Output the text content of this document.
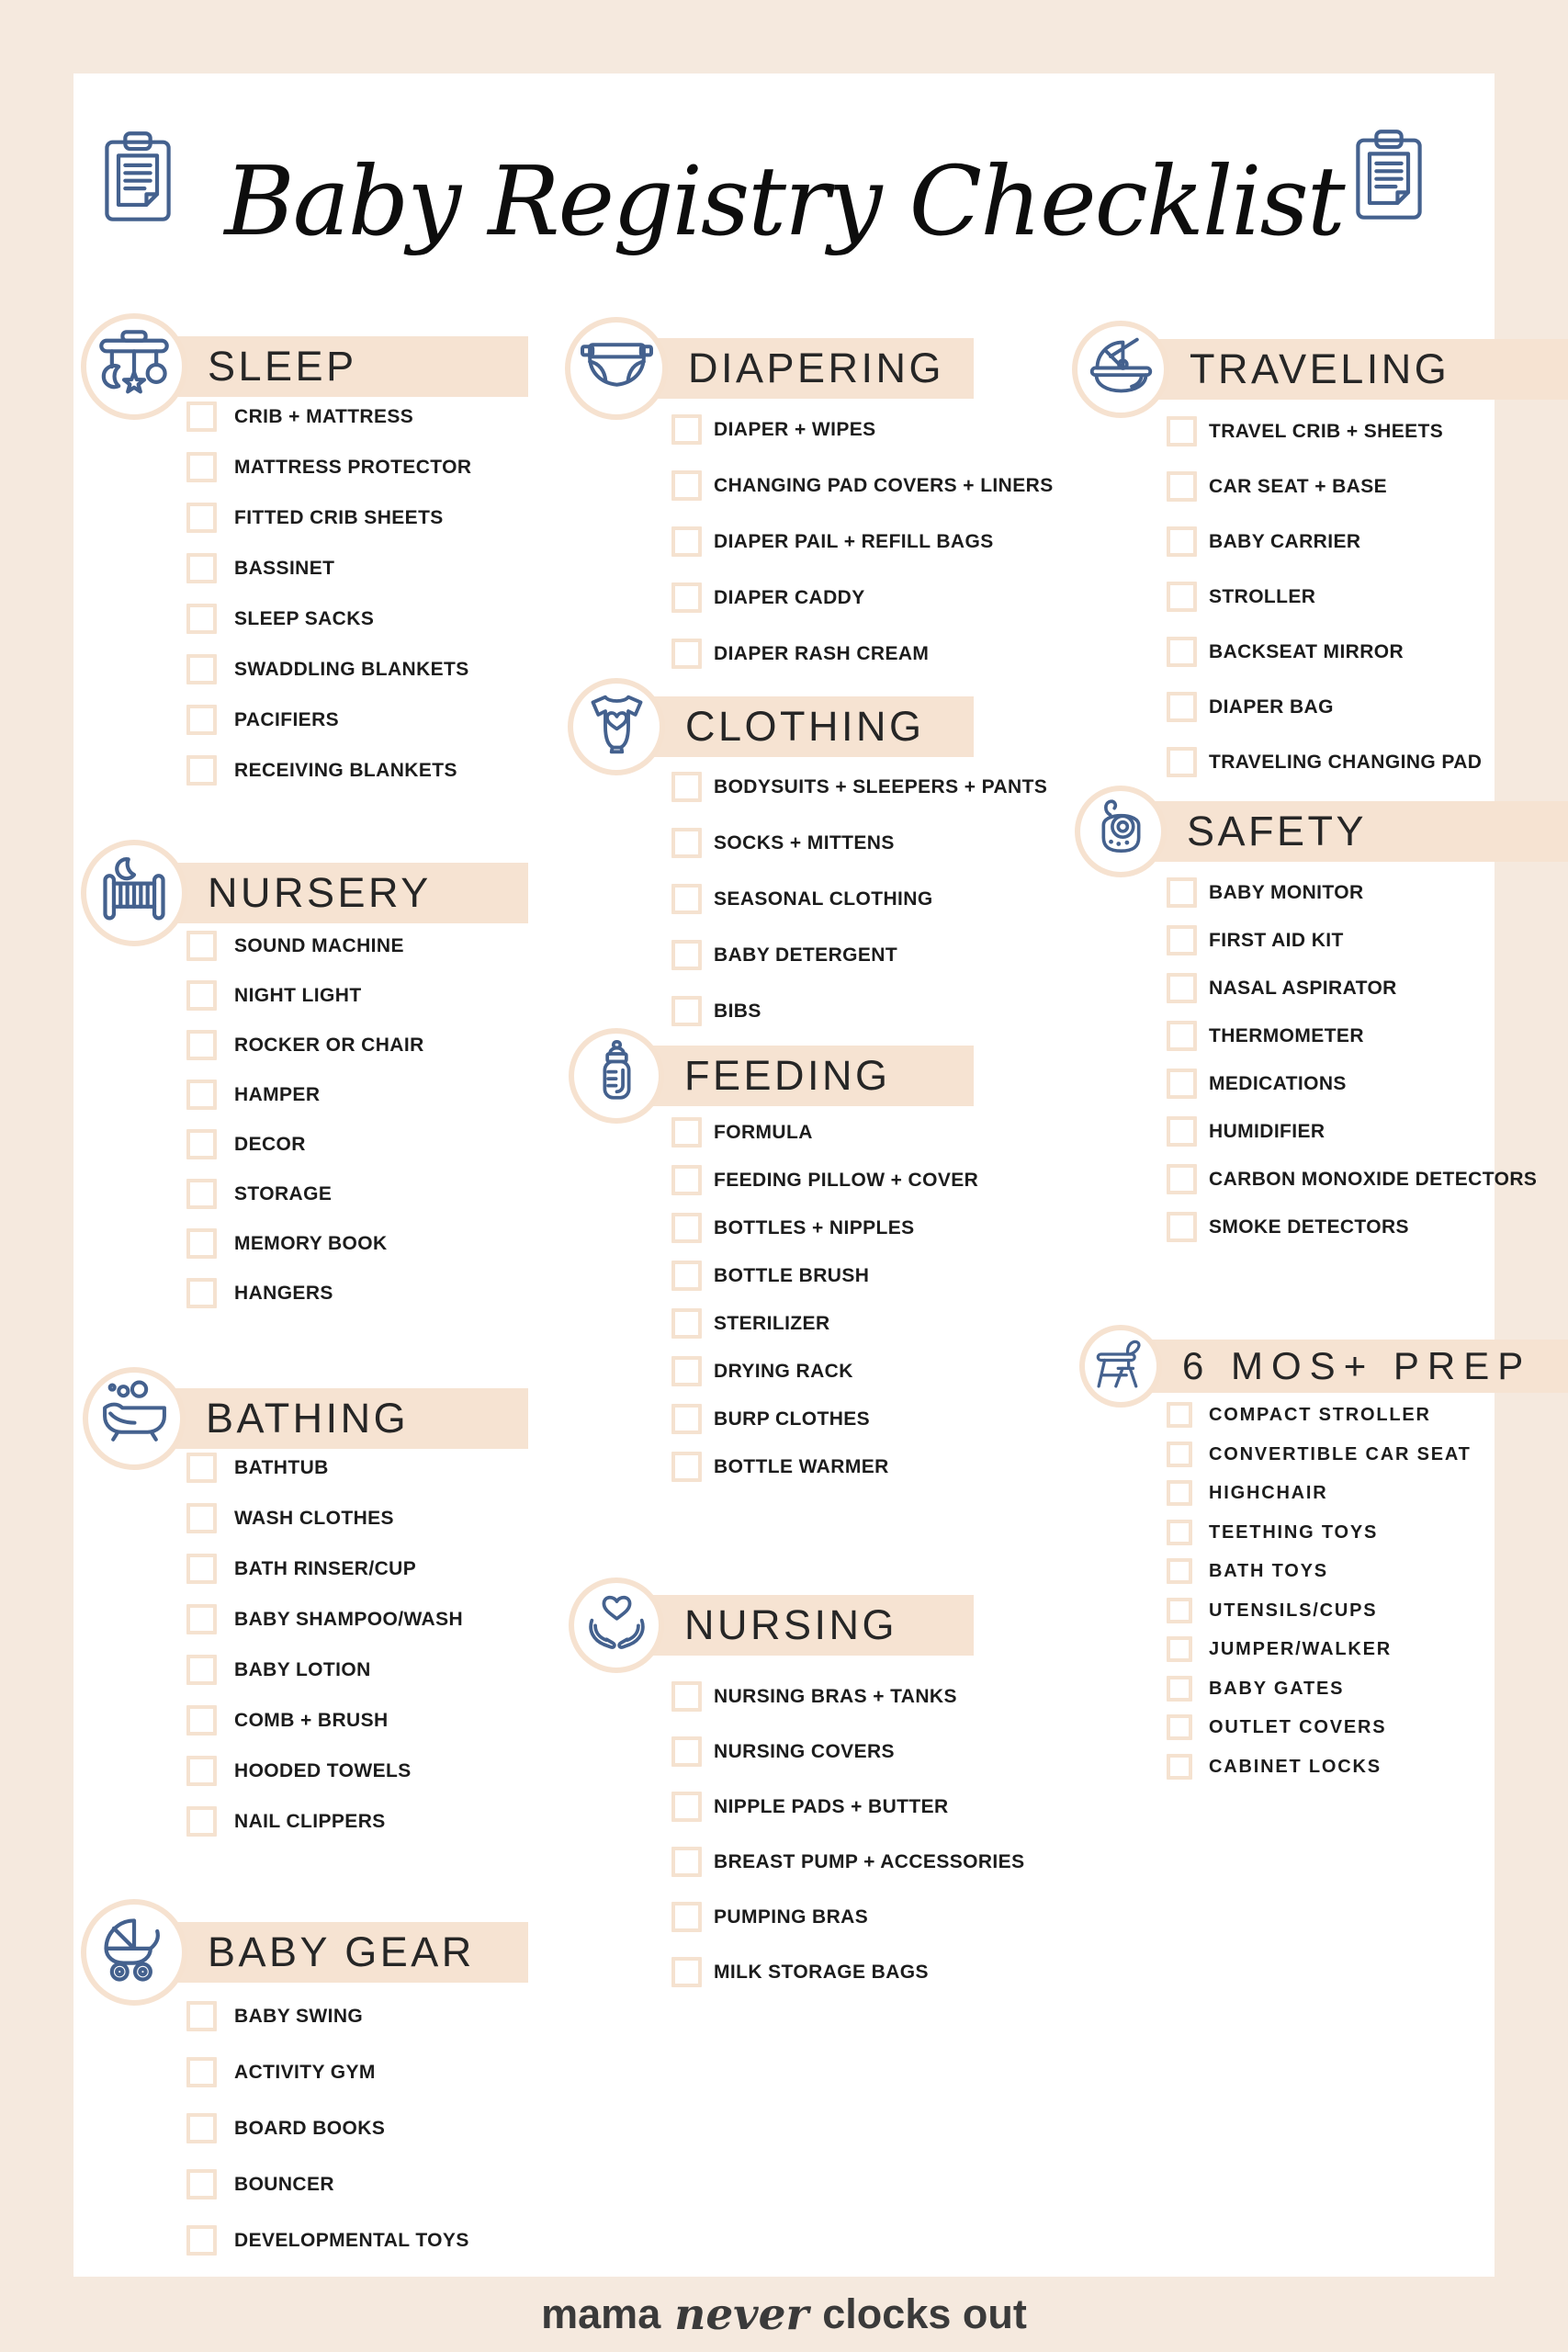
Baby Registry Checklist
SLEEP
CRIB + MATTRESS
MATTRESS PROTECTOR
FITTED CRIB SHEETS
BASSINET
SLEEP SACKS
SWADDLING BLANKETS
PACIFIERS
RECEIVING BLANKETS
NURSERY
SOUND MACHINE
NIGHT LIGHT
ROCKER OR CHAIR
HAMPER
DECOR
STORAGE
MEMORY BOOK
HANGERS
BATHING
BATHTUB
WASH CLOTHES
BATH RINSER/CUP
BABY SHAMPOO/WASH
BABY LOTION
COMB + BRUSH
HOODED TOWELS
NAIL CLIPPERS
BABY GEAR
BABY SWING
ACTIVITY GYM
BOARD BOOKS
BOUNCER
DEVELOPMENTAL TOYS
DIAPERING
DIAPER + WIPES
CHANGING PAD COVERS + LINERS
DIAPER PAIL + REFILL BAGS
DIAPER CADDY
DIAPER RASH CREAM
CLOTHING
BODYSUITS + SLEEPERS + PANTS
SOCKS + MITTENS
SEASONAL CLOTHING
BABY DETERGENT
BIBS
FEEDING
FORMULA
FEEDING PILLOW + COVER
BOTTLES + NIPPLES
BOTTLE BRUSH
STERILIZER
DRYING RACK
BURP CLOTHES
BOTTLE WARMER
NURSING
NURSING BRAS + TANKS
NURSING COVERS
NIPPLE PADS + BUTTER
BREAST PUMP + ACCESSORIES
PUMPING BRAS
MILK STORAGE BAGS
TRAVELING
TRAVEL CRIB + SHEETS
CAR SEAT + BASE
BABY CARRIER
STROLLER
BACKSEAT MIRROR
DIAPER BAG
TRAVELING CHANGING PAD
SAFETY
BABY MONITOR
FIRST AID KIT
NASAL ASPIRATOR
THERMOMETER
MEDICATIONS
HUMIDIFIER
CARBON MONOXIDE DETECTORS
SMOKE DETECTORS
6 MOS+ PREP
COMPACT STROLLER
CONVERTIBLE CAR SEAT
HIGHCHAIR
TEETHING TOYS
BATH TOYS
UTENSILS/CUPS
JUMPER/WALKER
BABY GATES
OUTLET COVERS
CABINET LOCKS
mama never clocks out
